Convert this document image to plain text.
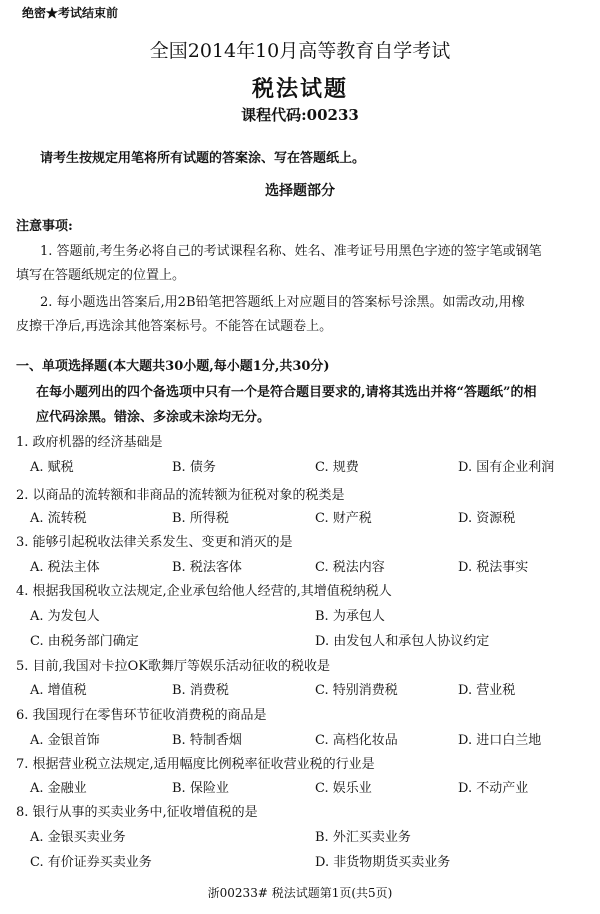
绝密★考试结束前
全国2014年10月高等教育自学考试
税法试题
课程代码:00233
请考生按规定用笔将所有试题的答案涂、写在答题纸上。
选择题部分
注意事项:
1. 答题前,考生务必将自己的考试课程名称、姓名、准考证号用黑色字迹的签字笔或钢笔
填写在答题纸规定的位置上。
2. 每小题选出答案后,用2B铅笔把答题纸上对应题目的答案标号涂黑。如需改动,用橡
皮擦干净后,再选涂其他答案标号。不能答在试题卷上。
一、单项选择题(本大题共30小题,每小题1分,共30分)
在每小题列出的四个备选项中只有一个是符合题目要求的,请将其选出并将“答题纸”的相
应代码涂黑。错涂、多涂或未涂均无分。
1. 政府机器的经济基础是
A. 赋税	B. 债务	C. 规费	D. 国有企业利润
2. 以商品的流转额和非商品的流转额为征税对象的税类是
A. 流转税	B. 所得税	C. 财产税	D. 资源税
3. 能够引起税收法律关系发生、变更和消灭的是
A. 税法主体	B. 税法客体	C. 税法内容	D. 税法事实
4. 根据我国税收立法规定,企业承包给他人经营的,其增值税纳税人
A. 为发包人	B. 为承包人
C. 由税务部门确定	D. 由发包人和承包人协议约定
5. 目前,我国对卡拉OK歌舞厅等娱乐活动征收的税收是
A. 增值税	B. 消费税	C. 特别消费税	D. 营业税
6. 我国现行在零售环节征收消费税的商品是
A. 金银首饰	B. 特制香烟	C. 高档化妆品	D. 进口白兰地
7. 根据营业税立法规定,适用幅度比例税率征收营业税的行业是
A. 金融业	B. 保险业	C. 娱乐业	D. 不动产业
8. 银行从事的买卖业务中,征收增值税的是
A. 金银买卖业务	B. 外汇买卖业务
C. 有价证券买卖业务	D. 非货物期货买卖业务
浙00233# 税法试题第1页(共5页)
